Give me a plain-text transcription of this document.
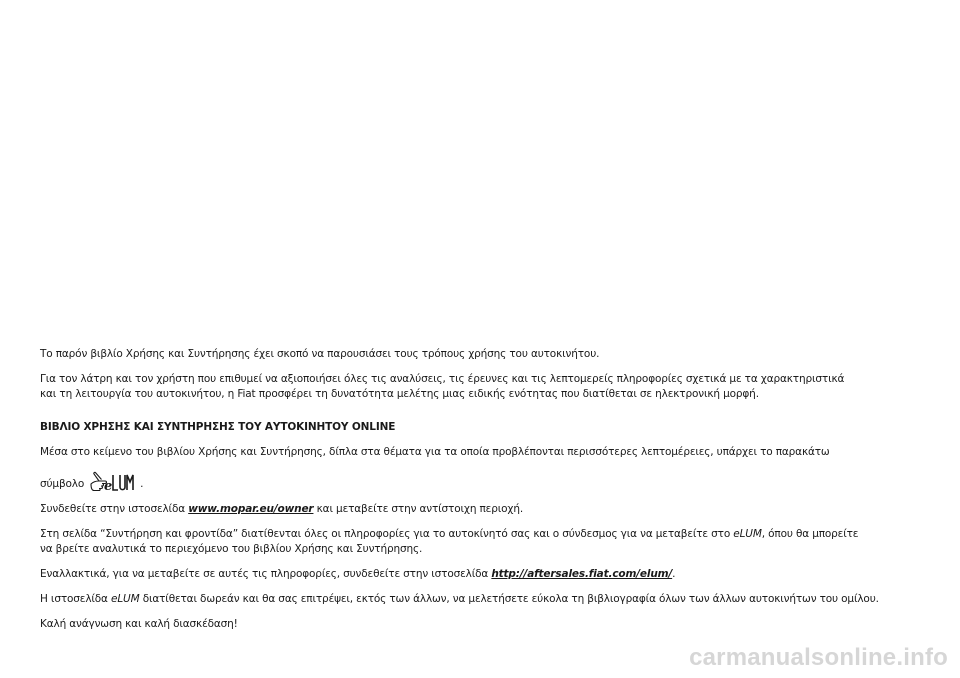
Το παρόν βιβλίο Χρήσης και Συντήρησης έχει σκοπό να παρουσιάσει τους τρόπους χρήσης του αυτοκινήτου.

Για τον λάτρη και τον χρήστη που επιθυμεί να αξιοποιήσει όλες τις αναλύσεις, τις έρευνες και τις λεπτομερείς πληροφορίες σχετικά με τα χαρακτηριστικά

και τη λειτουργία του αυτοκινήτου, η Fiat προσφέρει τη δυνατότητα μελέτης μιας ειδικής ενότητας που διατίθεται σε ηλεκτρονική μορφή.

ΒΙΒΛΙΟ ΧΡΗΣΗΣ ΚΑΙ ΣΥΝΤΗΡΗΣΗΣ ΤΟΥ ΑΥΤΟΚΙΝΗΤΟΥ ONLINE

Μέσα στο κείμενο του βιβλίου Χρήσης και Συντήρησης, δίπλα στα θέματα για τα οποία προβλέπονται περισσότερες λεπτομέρειες, υπάρχει το παρακάτω

σύμβολο e	.

Συνδεθείτε στην ιστοσελίδα www.mopar.eu/owner και μεταβείτε στην αντίστοιχη περιοχή.

Στη σελίδα “Συντήρηση και φροντίδα” διατίθενται όλες οι πληροφορίες για το αυτοκίνητό σας και ο σύνδεσμος για να μεταβείτε στο eLUM, όπου θα μπορείτε

να βρείτε αναλυτικά το περιεχόμενο του βιβλίου Χρήσης και Συντήρησης.

Εναλλακτικά, για να μεταβείτε σε αυτές τις πληροφορίες, συνδεθείτε στην ιστοσελίδα http://aftersales.fiat.com/elum/.

Η ιστοσελίδα eLUM διατίθεται δωρεάν και θα σας επιτρέψει, εκτός των άλλων, να μελετήσετε εύκολα τη βιβλιογραφία όλων των άλλων αυτοκινήτων του ομίλου.

Καλή ανάγνωση και καλή διασκέδαση!

carmanualsonline.info
